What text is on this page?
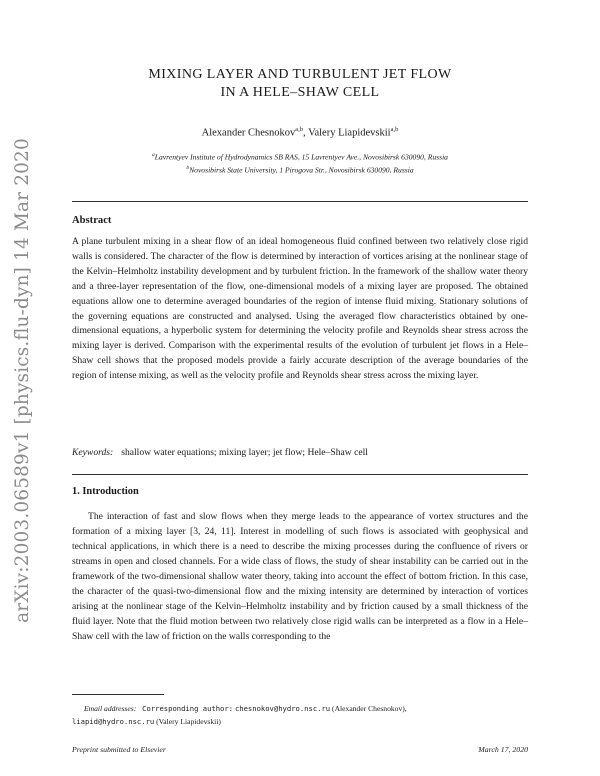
arXiv:2003.06589v1 [physics.flu-dyn] 14 Mar 2020
MIXING LAYER AND TURBULENT JET FLOW
IN A HELE–SHAW CELL
Alexander Chesnokov$^{a,b}$, Valery Liapidevskii$^{a,b}$
$^a$Lavrentyev Institute of Hydrodynamics SB RAS, 15 Lavrentyev Ave., Novosibirsk 630090, Russia
$^b$Novosibirsk State University, 1 Pirogova Str., Novosibirsk 630090, Russia
Abstract
A plane turbulent mixing in a shear flow of an ideal homogeneous fluid confined between two relatively close rigid walls is considered. The character of the flow is determined by interaction of vortices arising at the nonlinear stage of the Kelvin–Helmholtz instability development and by turbulent friction. In the framework of the shallow water theory and a three-layer representation of the flow, one-dimensional models of a mixing layer are proposed. The obtained equations allow one to determine averaged boundaries of the region of intense fluid mixing. Stationary solutions of the governing equations are constructed and analysed. Using the averaged flow characteristics obtained by one-dimensional equations, a hyperbolic system for determining the velocity profile and Reynolds shear stress across the mixing layer is derived. Comparison with the experimental results of the evolution of turbulent jet flows in a Hele–Shaw cell shows that the proposed models provide a fairly accurate description of the average boundaries of the region of intense mixing, as well as the velocity profile and Reynolds shear stress across the mixing layer.
Keywords: shallow water equations; mixing layer; jet flow; Hele–Shaw cell
1. Introduction
The interaction of fast and slow flows when they merge leads to the appearance of vortex structures and the formation of a mixing layer [3, 24, 11]. Interest in modelling of such flows is associated with geophysical and technical applications, in which there is a need to describe the mixing processes during the confluence of rivers or streams in open and closed channels. For a wide class of flows, the study of shear instability can be carried out in the framework of the two-dimensional shallow water theory, taking into account the effect of bottom friction. In this case, the character of the quasi-two-dimensional flow and the mixing intensity are determined by interaction of vortices arising at the nonlinear stage of the Kelvin–Helmholtz instability and by friction caused by a small thickness of the fluid layer. Note that the fluid motion between two relatively close rigid walls can be interpreted as a flow in a Hele–Shaw cell with the law of friction on the walls corresponding to the
Email addresses: Corresponding author: chesnokov@hydro.nsc.ru (Alexander Chesnokov),
liapid@hydro.nsc.ru (Valery Liapidevskii)
Preprint submitted to Elsevier	March 17, 2020
